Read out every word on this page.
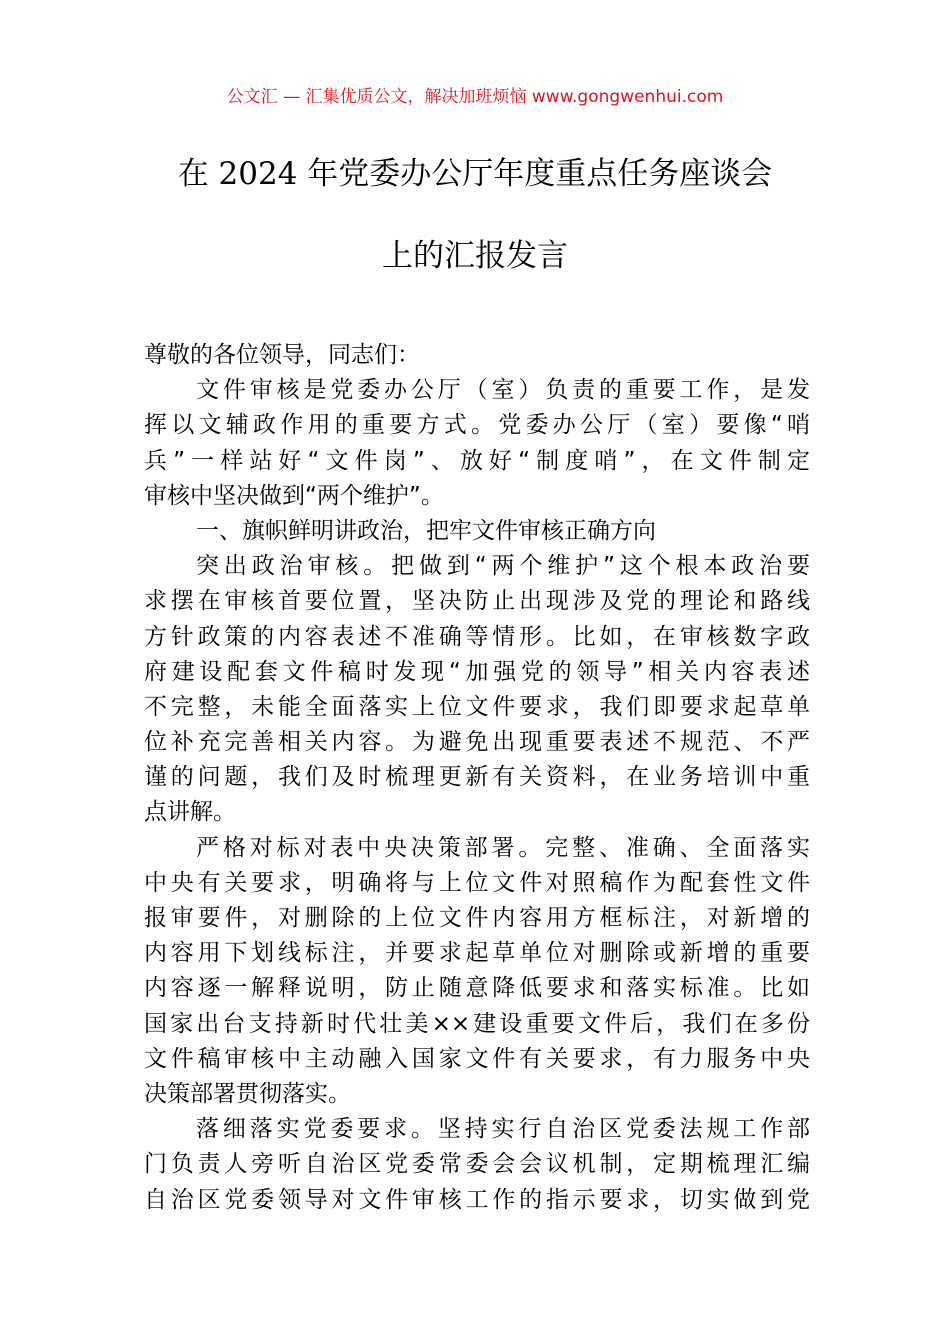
公文汇 — 汇集优质公文，解决加班烦恼 www.gongwenhui.com
在 2024 年党委办公厅年度重点任务座谈会
上的汇报发言
尊敬的各位领导，同志们：
文件审核是党委办公厅（室）负责的重要工作，是发
挥以文辅政作用的重要方式。党委办公厅（室）要像“哨
兵”一样站好“文件岗”、放好“制度哨”，在文件制定
审核中坚决做到“两个维护”。
一、旗帜鲜明讲政治，把牢文件审核正确方向
突出政治审核。把做到“两个维护”这个根本政治要
求摆在审核首要位置，坚决防止出现涉及党的理论和路线
方针政策的内容表述不准确等情形。比如，在审核数字政
府建设配套文件稿时发现“加强党的领导”相关内容表述
不完整，未能全面落实上位文件要求，我们即要求起草单
位补充完善相关内容。为避免出现重要表述不规范、不严
谨的问题，我们及时梳理更新有关资料，在业务培训中重
点讲解。
严格对标对表中央决策部署。完整、准确、全面落实
中央有关要求，明确将与上位文件对照稿作为配套性文件
报审要件，对删除的上位文件内容用方框标注，对新增的
内容用下划线标注，并要求起草单位对删除或新增的重要
内容逐一解释说明，防止随意降低要求和落实标准。比如
国家出台支持新时代壮美××建设重要文件后，我们在多份
文件稿审核中主动融入国家文件有关要求，有力服务中央
决策部署贯彻落实。
落细落实党委要求。坚持实行自治区党委法规工作部
门负责人旁听自治区党委常委会会议机制，定期梳理汇编
自治区党委领导对文件审核工作的指示要求，切实做到党
